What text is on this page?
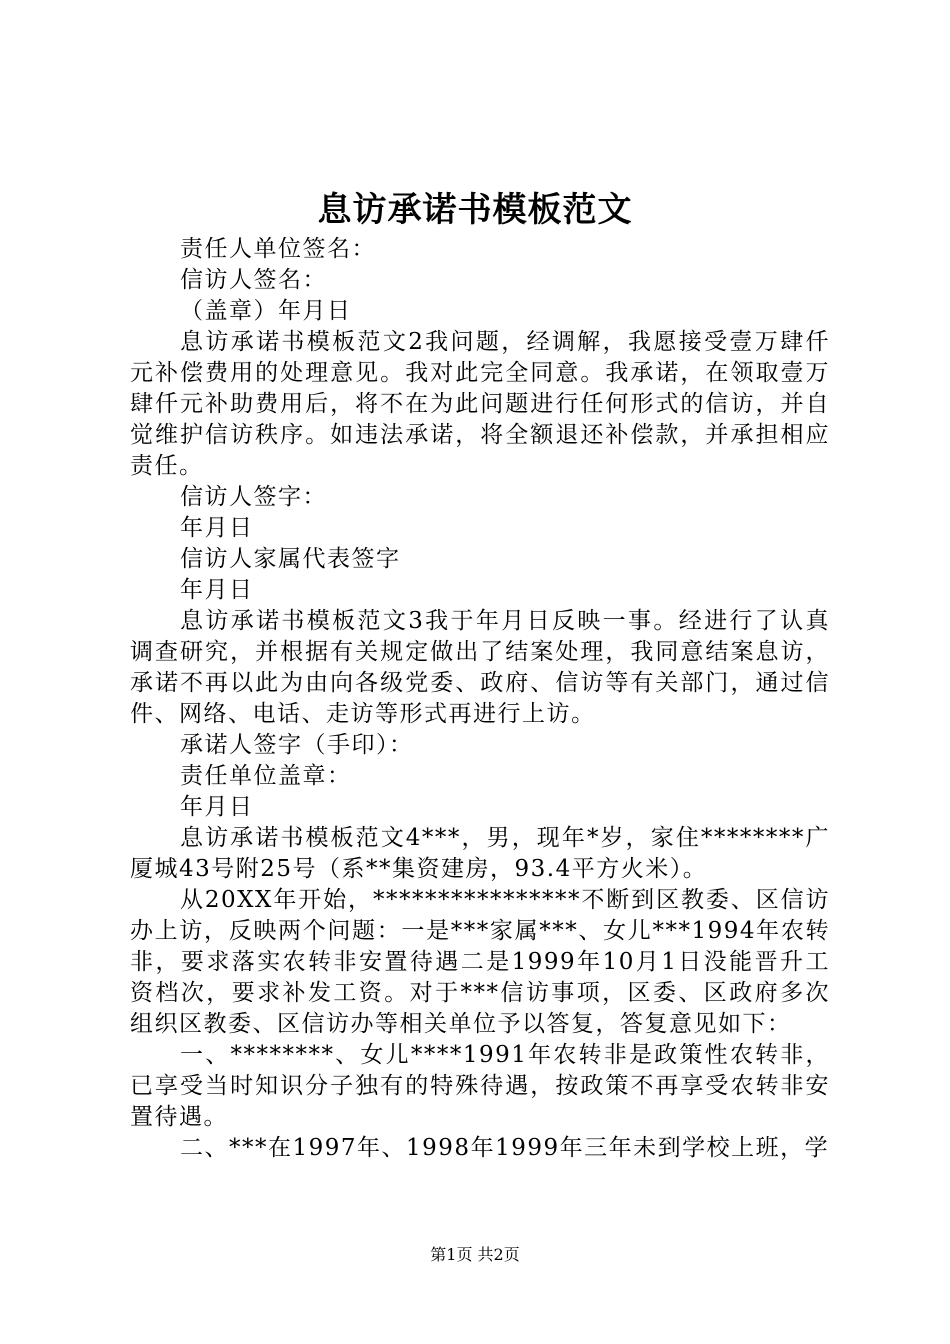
息访承诺书模板范文

责任人单位签名：

信访人签名：

（盖章）年月日

息访承诺书模板范文2我问题，经调解，我愿接受壹万肆仟元补偿费用的处理意见。我对此完全同意。我承诺，在领取壹万肆仟元补助费用后，将不在为此问题进行任何形式的信访，并自觉维护信访秩序。如违法承诺，将全额退还补偿款，并承担相应责任。

信访人签字：

年月日

信访人家属代表签字

年月日

息访承诺书模板范文3我于年月日反映一事。经进行了认真调查研究，并根据有关规定做出了结案处理，我同意结案息访，承诺不再以此为由向各级党委、政府、信访等有关部门，通过信件、网络、电话、走访等形式再进行上访。

承诺人签字（手印）：

责任单位盖章：

年月日

息访承诺书模板范文4***，男，现年*岁，家住********广厦城43号附25号（系**集资建房，93.4平方火米）。

从20XX年开始，****************不断到区教委、区信访办上访，反映两个问题：一是***家属***、女儿***1994年农转非，要求落实农转非安置待遇二是1999年10月1日没能晋升工资档次，要求补发工资。对于***信访事项，区委、区政府多次组织区教委、区信访办等相关单位予以答复，答复意见如下：

一、********、女儿****1991年农转非是政策性农转非，已享受当时知识分子独有的特殊待遇，按政策不再享受农转非安置待遇。

二、***在1997年、1998年1999年三年未到学校上班，学

第1页 共2页
